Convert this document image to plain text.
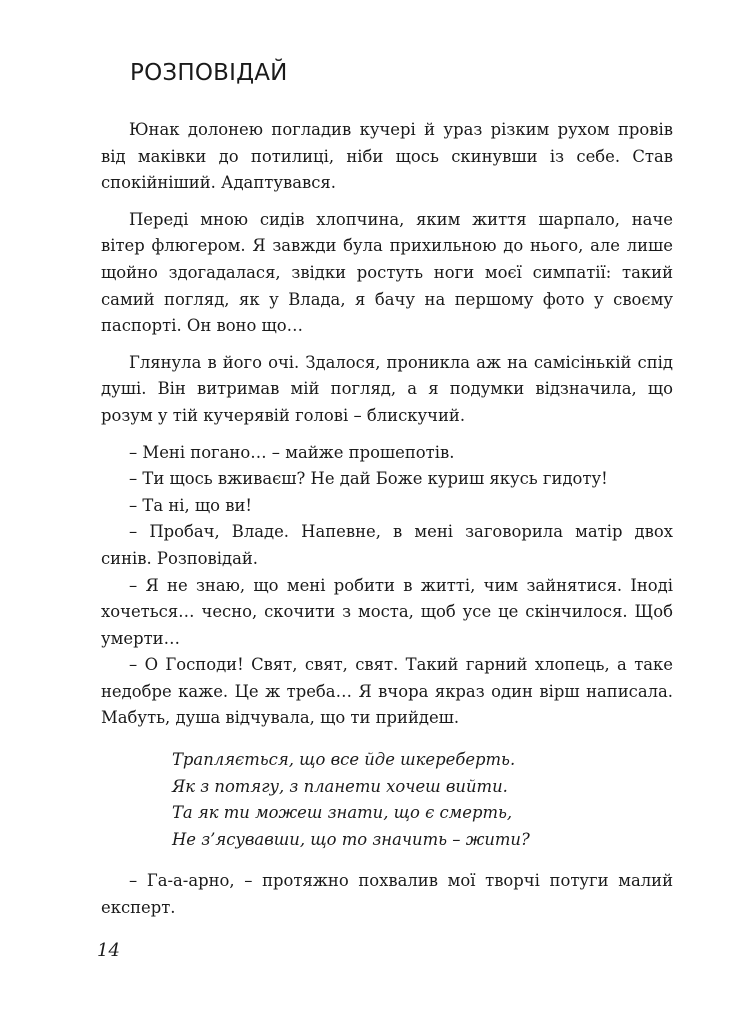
РОЗПОВІДАЙ

Юнак долонею погладив кучері й ураз різким рухом провів від маківки до потилиці, ніби щось скинувши із себе. Став спокійніший. Адаптувався.

Переді мною сидів хлопчина, яким життя шарпало, наче вітер флюгером. Я завжди була прихильною до нього, але лише щойно здогадалася, звідки ростуть ноги моєї симпатії: такий самий погляд, як у Влада, я бачу на першому фото у своєму паспорті. Он воно що…

Глянула в його очі. Здалося, проникла аж на самісінькій спід душі. Він витримав мій погляд, а я подумки відзначила, що розум у тій кучерявій голові – блискучий.

– Мені погано… – майже прошепотів.

– Ти щось вживаєш? Не дай Боже куриш якусь гидоту!

– Та ні, що ви!

– Пробач, Владе. Напевне, в мені заговорила матір двох синів. Розповідай.

– Я не знаю, що мені робити в житті, чим зайнятися. Іноді хочеться… чесно, скочити з моста, щоб усе це скінчилося. Щоб умерти…

– О Господи! Свят, свят, свят. Такий гарний хлопець, а таке недобре каже. Це ж треба… Я вчора якраз один вірш написала. Мабуть, душа відчувала, що ти прийдеш.

Трапляється, що все йде шкереберть.
Як з потягу, з планети хочеш вийти.
Та як ти можеш знати, що є смерть,
Не з’ясувавши, що то значить – жити?

– Га-а-арно, – протяжно похвалив мої творчі потуги малий експерт.

14
